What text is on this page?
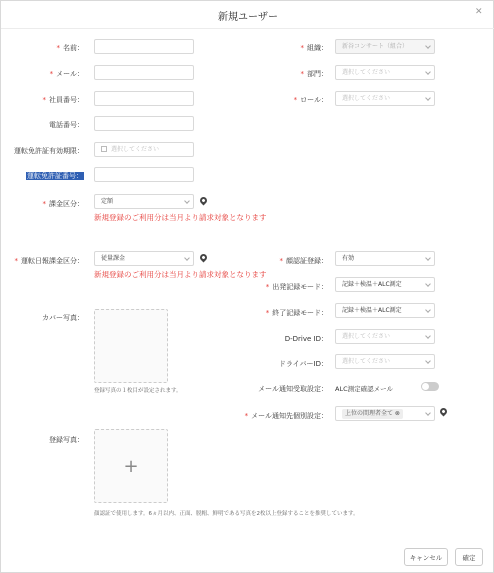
新規ユーザー	✕
* 名前：
* メール：
* 社員番号：
電話番号：
運転免許証有効期限：	選択してください
運転免許証番号：
* 課金区分：	定額
新規登録のご利用分は当月より請求対象となります
* 運転日報課金区分：	従量課金
新規登録のご利用分は当月より請求対象となります
カバー写真：
登録写真の１枚目が設定されます。
登録写真：
+
顔認証で使用します。6ヵ月以内、正面、脱帽、鮮明である写真を2枚以上登録することを推奨しています。
* 組織：	新谷コンサート（組合）
* 部門：	選択してください
* ロール：	選択してください
* 顔認証登録：	有効
* 出発記録モード：	記録＋検温＋ALC測定
* 終了記録モード：	記録＋検温＋ALC測定
D-Drive ID：	選択してください
ドライバーID：	選択してください
メール通知受取設定： ALC測定確認メール
* メール通知先個別設定：	上位の間理者全て ⊗
キャンセル	確定
